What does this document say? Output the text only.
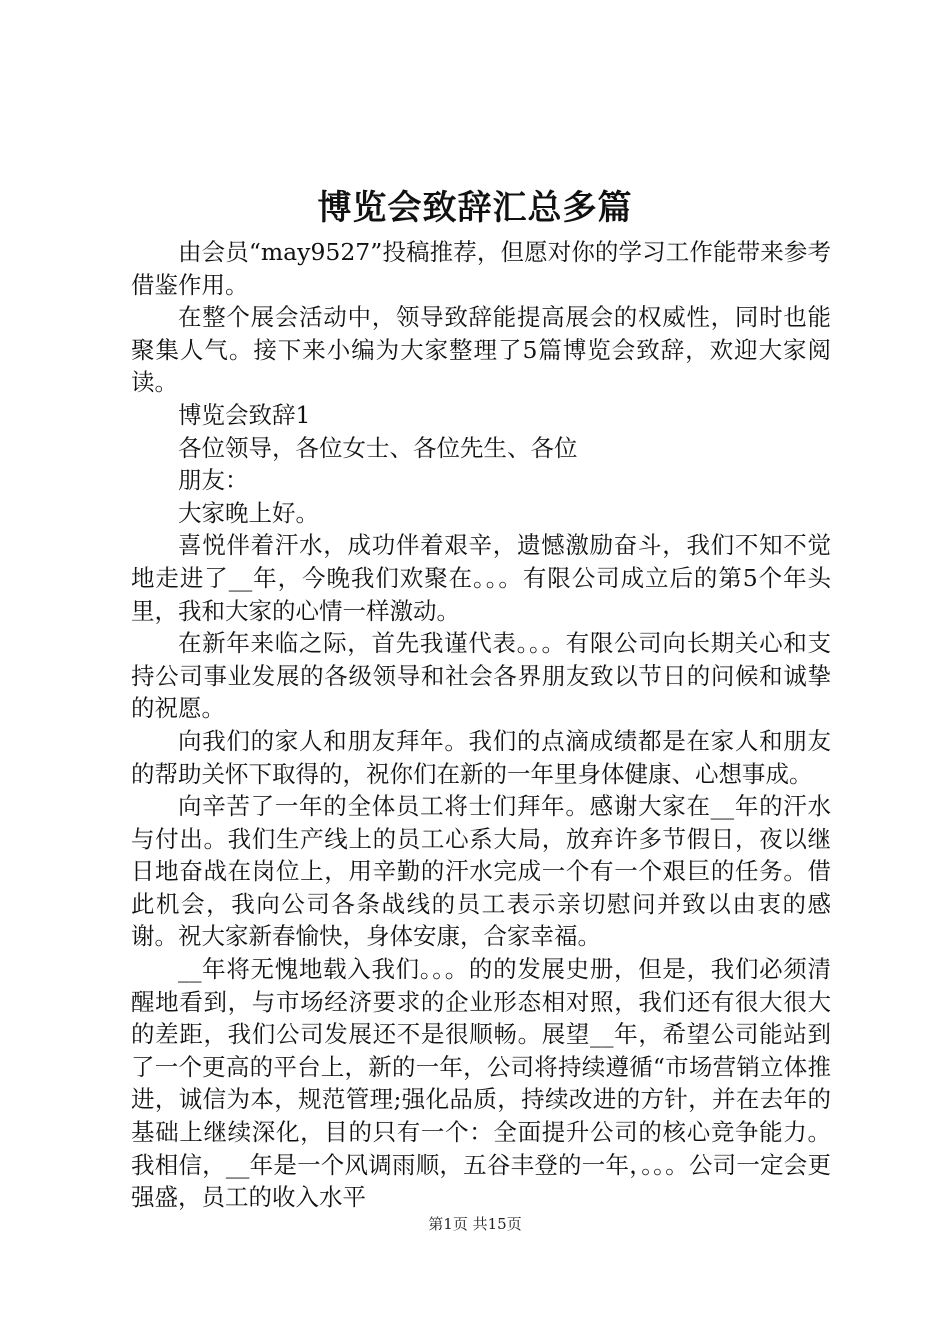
博览会致辞汇总多篇

由会员“may9527”投稿推荐，但愿对你的学习工作能带来参考借鉴作用。

在整个展会活动中，领导致辞能提高展会的权威性，同时也能聚集人气。接下来小编为大家整理了5篇博览会致辞，欢迎大家阅读。

博览会致辞1

各位领导，各位女士、各位先生、各位

朋友：

大家晚上好。

喜悦伴着汗水，成功伴着艰辛，遗憾激励奋斗，我们不知不觉地走进了__年，今晚我们欢聚在。。。有限公司成立后的第5个年头里，我和大家的心情一样激动。

在新年来临之际，首先我谨代表。。。有限公司向长期关心和支持公司事业发展的各级领导和社会各界朋友致以节日的问候和诚挚的祝愿。

向我们的家人和朋友拜年。我们的点滴成绩都是在家人和朋友的帮助关怀下取得的，祝你们在新的一年里身体健康、心想事成。

向辛苦了一年的全体员工将士们拜年。感谢大家在__年的汗水与付出。我们生产线上的员工心系大局，放弃许多节假日，夜以继日地奋战在岗位上，用辛勤的汗水完成一个有一个艰巨的任务。借此机会，我向公司各条战线的员工表示亲切慰问并致以由衷的感谢。祝大家新春愉快，身体安康，合家幸福。

__年将无愧地载入我们。。。的的发展史册，但是，我们必须清醒地看到，与市场经济要求的企业形态相对照，我们还有很大很大的差距，我们公司发展还不是很顺畅。展望__年，希望公司能站到了一个更高的平台上，新的一年，公司将持续遵循“市场营销立体推进，诚信为本，规范管理;强化品质，持续改进的方针，并在去年的基础上继续深化，目的只有一个：全面提升公司的核心竞争能力。我相信，__年是一个风调雨顺，五谷丰登的一年，。。。公司一定会更强盛，员工的收入水平

第1页 共15页
